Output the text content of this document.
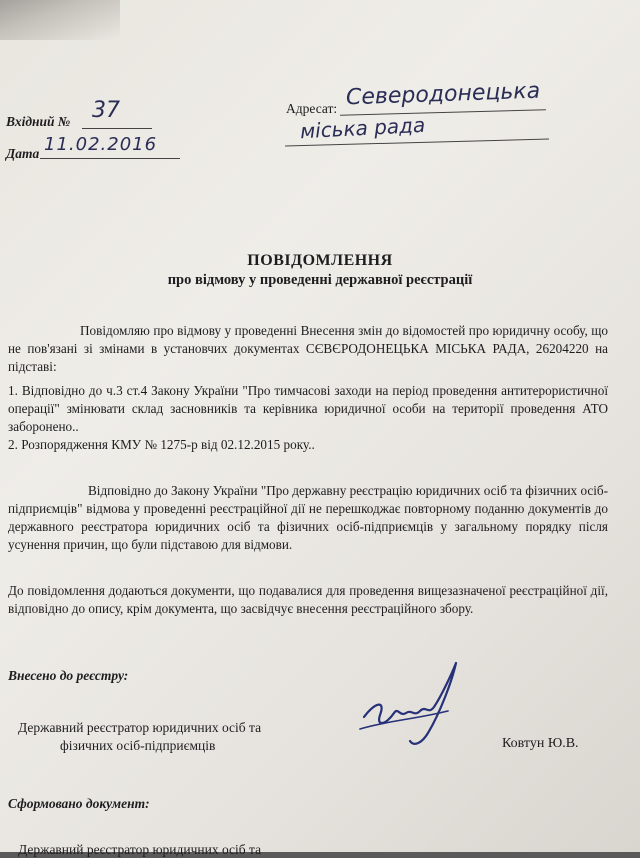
Вхідний № 37
Дата 11.02.2016
Адресат: Северодонецька
міська рада
ПОВІДОМЛЕННЯ
про відмову у проведенні державної реєстрації
Повідомляю про відмову у проведенні Внесення змін до відомостей про юридичну особу, що не пов'язані зі змінами в установчих документах СЄВЄРОДОНЕЦЬКА МІСЬКА РАДА, 26204220 на підставі:
1. Відповідно до ч.3 ст.4 Закону України "Про тимчасові заходи на період проведення антитерористичної операції" змінювати склад засновників та керівника юридичної особи на території проведення АТО заборонено..
2. Розпорядження КМУ № 1275-р від 02.12.2015 року..
Відповідно до Закону України "Про державну реєстрацію юридичних осіб та фізичних осіб-підприємців" відмова у проведенні реєстраційної дії не перешкоджає повторному поданню документів до державного реєстратора юридичних осіб та фізичних осіб-підприємців у загальному порядку після усунення причин, що були підставою для відмови.
До повідомлення додаються документи, що подавалися для проведення вищезазначеної реєстраційної дії, відповідно до опису, крім документа, що засвідчує внесення реєстраційного збору.
Внесено до реєстру:
Державний реєстратор юридичних осіб та
фізичних осіб-підприємців	Ковтун Ю.В.
Сформовано документ:
Державний реєстратор юридичних осіб та
